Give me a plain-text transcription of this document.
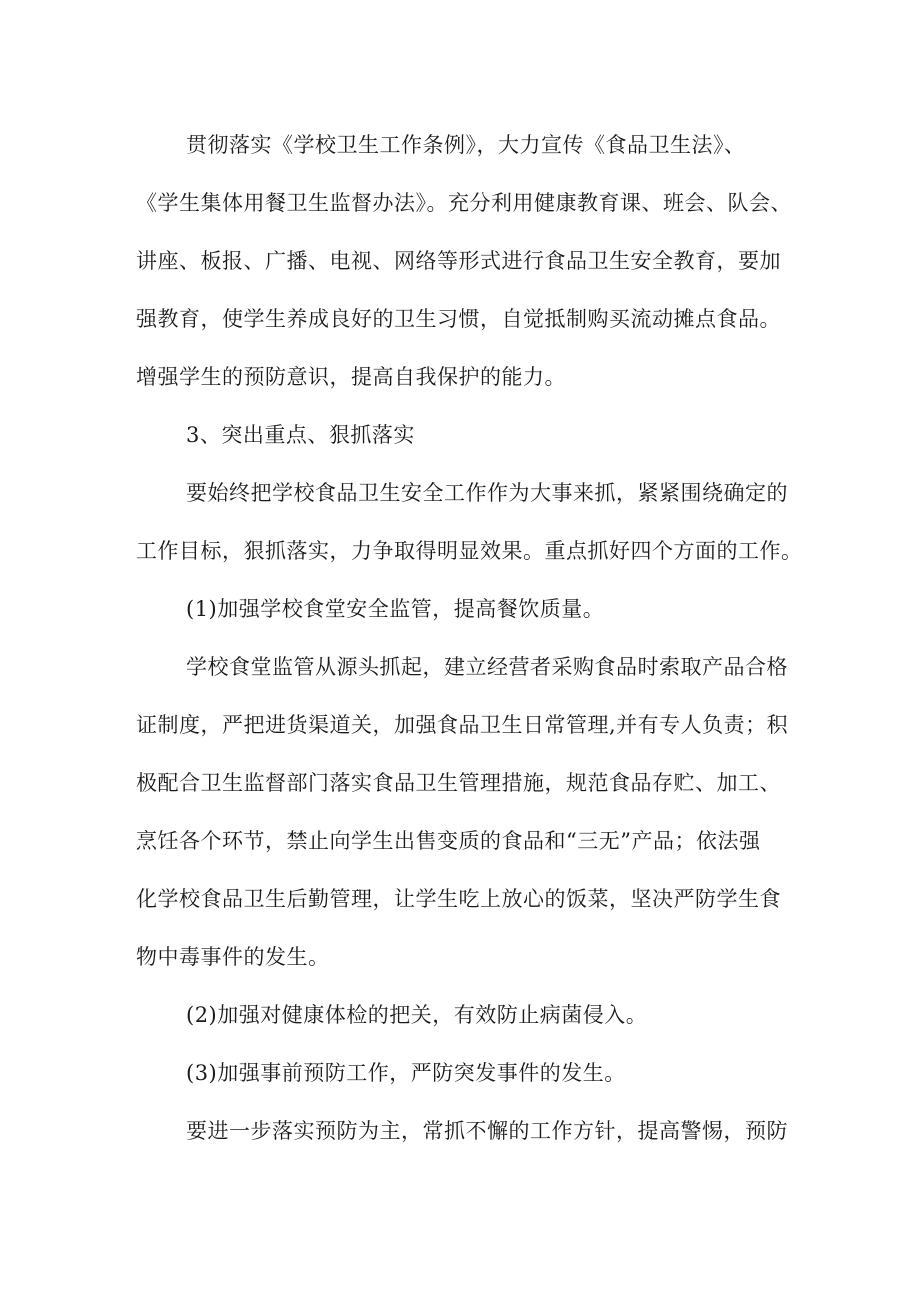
贯彻落实《学校卫生工作条例》，大力宣传《食品卫生法》、
《学生集体用餐卫生监督办法》。充分利用健康教育课、班会、队会、
讲座、板报、广播、电视、网络等形式进行食品卫生安全教育，要加
强教育，使学生养成良好的卫生习惯，自觉抵制购买流动摊点食品。
增强学生的预防意识，提高自我保护的能力。
3、突出重点、狠抓落实
要始终把学校食品卫生安全工作作为大事来抓，紧紧围绕确定的
工作目标，狠抓落实，力争取得明显效果。重点抓好四个方面的工作。
(1)加强学校食堂安全监管，提高餐饮质量。
学校食堂监管从源头抓起，建立经营者采购食品时索取产品合格
证制度，严把进货渠道关，加强食品卫生日常管理,并有专人负责；积
极配合卫生监督部门落实食品卫生管理措施，规范食品存贮、加工、
烹饪各个环节，禁止向学生出售变质的食品和“三无”产品；依法强
化学校食品卫生后勤管理，让学生吃上放心的饭菜，坚决严防学生食
物中毒事件的发生。
(2)加强对健康体检的把关，有效防止病菌侵入。
(3)加强事前预防工作，严防突发事件的发生。
要进一步落实预防为主，常抓不懈的工作方针，提高警惕，预防
